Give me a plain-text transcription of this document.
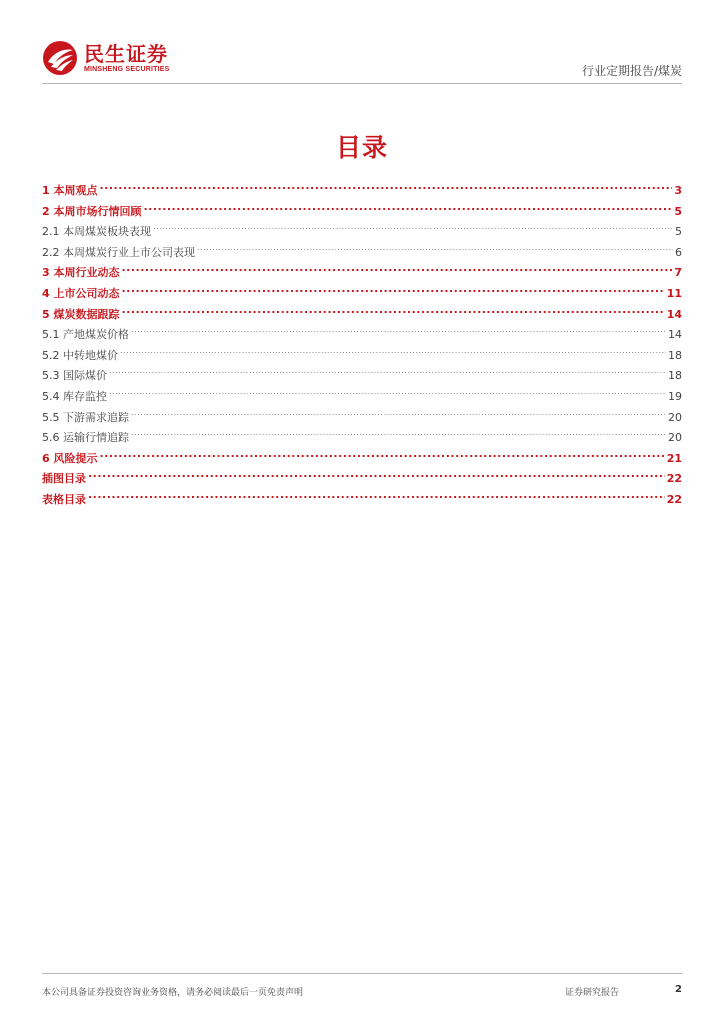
民生证券
MINSHENG SECURITIES	行业定期报告/煤炭
目录
1 本周观点 .....	3
2 本周市场行情回顾 .....	5
2.1 本周煤炭板块表现 .....	5
2.2 本周煤炭行业上市公司表现 .....	6
3 本周行业动态 .....	7
4 上市公司动态 .....	11
5 煤炭数据跟踪 .....	14
5.1 产地煤炭价格 .....	14
5.2 中转地煤价 .....	18
5.3 国际煤价 .....	18
5.4 库存监控 .....	19
5.5 下游需求追踪 .....	20
5.6 运输行情追踪 .....	20
6 风险提示 .....	21
插图目录 .....	22
表格目录 .....	22
本公司具备证券投资咨询业务资格，请务必阅读最后一页免责声明	证券研究报告	2
